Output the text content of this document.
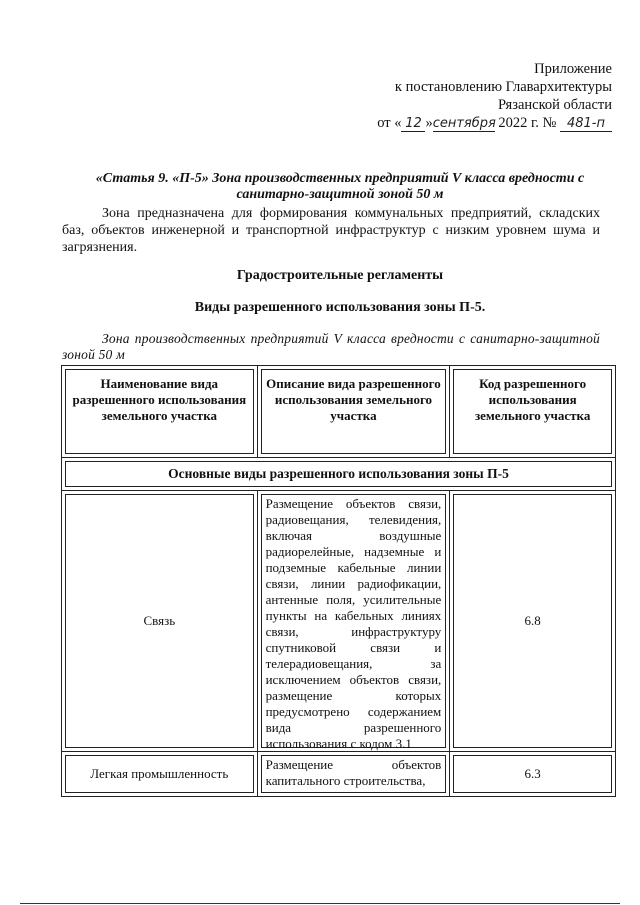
Приложение
к постановлению Главархитектуры
Рязанской области
от « 12 »сентября 2022 г. № 481-п
«Статья 9. «П-5» Зона производственных предприятий V класса вредности с санитарно-защитной зоной 50 м
Зона предназначена для формирования коммунальных предприятий, складских баз, объектов инженерной и транспортной инфраструктур с низким уровнем шума и загрязнения.
Градостроительные регламенты
Виды разрешенного использования зоны П-5.
Зона производственных предприятий V класса вредности с санитарно-защитной зоной 50 м
Наименование вида разрешенного использования земельного участка	Описание вида разрешенного использования земельного участка	Код разрешенного использования земельного участка

Основные виды разрешенного использования зоны П-5		

Связь	Размещение объектов связи, радиовещания, телевидения, включая воздушные радиорелейные, надземные и подземные кабельные линии связи, линии радиофикации, антенные поля, усилительные пункты на кабельных линиях связи, инфраструктуру спутниковой связи и телерадиовещания, за исключением объектов связи, размещение которых предусмотрено содержанием вида разрешенного использования с кодом 3.1	6.8

Легкая промышленность	Размещение объектов капитального строительства,	6.3
